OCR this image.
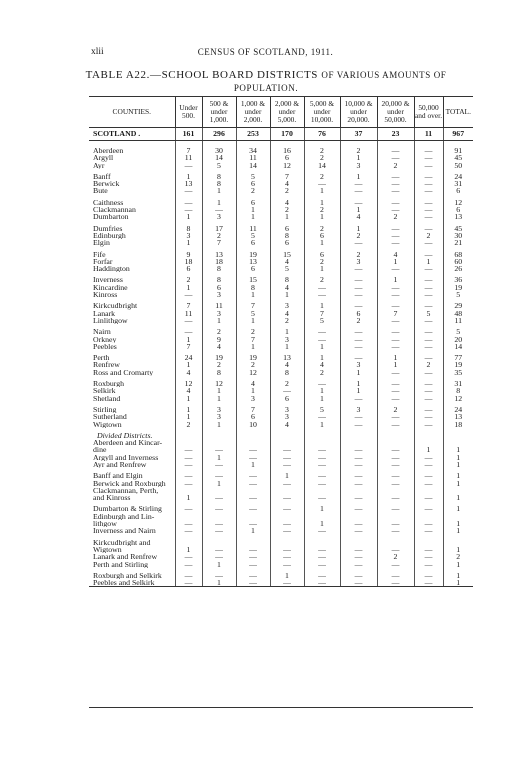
xlii	CENSUS OF SCOTLAND, 1911.
TABLE A22.—SCHOOL BOARD DISTRICTS OF VARIOUS AMOUNTS OF
POPULATION.
COUNTIES.	Under 500.	500 & under 1,000.	1,000 & under 2,000.	2,000 & under 5,000.	5,000 & under 10,000.	10,000 & under 20,000.	20,000 & under 50,000.	50,000 and over.	TOTAL.
SCOTLAND .	161	296	253	170	76	37	23	11	967

Aberdeen	7	30	34	16	2	2	—	—	91
Argyll	11	14	11	6	2	1	—	—	45
Ayr	—	5	14	12	14	3	2	—	50

Banff	1	8	5	7	2	1	—	—	24
Berwick	13	8	6	4	—	—	—	—	31
Bute	—	1	2	2	1	—	—	—	6

Caithness	—	1	6	4	1	—	—	—	12
Clackmannan	—	—	1	2	2	1	—	—	6
Dumbarton	1	3	1	1	1	4	2	—	13

Dumfries	8	17	11	6	2	1	—	—	45
Edinburgh	3	2	5	8	6	2	—	2	30
Elgin	1	7	6	6	1	—	—	—	21

Fife	9	13	19	15	6	2	4	—	68
Forfar	18	18	13	4	2	3	1	1	60
Haddington	6	8	6	5	1	—	—	—	26

Inverness	2	8	15	8	2	—	1	—	36
Kincardine	1	6	8	4	—	—	—	—	19
Kinross	—	3	1	1	—	—	—	—	5

Kirkcudbright	7	11	7	3	1	—	—	—	29
Lanark	11	3	5	4	7	6	7	5	48
Linlithgow	—	1	1	2	5	2	—	—	11

Nairn	—	2	2	1	—	—	—	—	5
Orkney	1	9	7	3	—	—	—	—	20
Peebles	7	4	1	1	1	—	—	—	14

Perth	24	19	19	13	1	—	1	—	77
Renfrew	1	2	2	4	4	3	1	2	19
Ross and Cromarty	4	8	12	8	2	1	—	—	35

Roxburgh	12	12	4	2	—	1	—	—	31
Selkirk	4	1	1	—	1	1	—	—	8
Shetland	1	1	3	6	1	—	—	—	12

Stirling	1	3	7	3	5	3	2	—	24
Sutherland	1	3	6	3	—	—	—	—	13
Wigtown	2	1	10	4	1	—	—	—	18

Divided Districts.									
Aberdeen and Kincar-									
dine	—	—	—	—	—	—	—	1	1
Argyll and Inverness	—	1	—	—	—	—	—	—	1
Ayr and Renfrew	—	—	1	—	—	—	—	—	1

Banff and Elgin	—	—	—	1	—	—	—	—	1
Berwick and Roxburgh	—	1	—	—	—	—	—	—	1
Clackmannan, Perth,									
and Kinross	1	—	—	—	—	—	—	—	1

Dumbarton & Stirling	—	—	—	—	1	—	—	—	1
Edinburgh and Lin-									
lithgow	—	—	—	—	1	—	—	—	1
Inverness and Nairn	—	—	1	—	—	—	—	—	1

Kirkcudbright and									
Wigtown	1	—	—	—	—	—	—	—	1
Lanark and Renfrew	—	—	—	—	—	—	2	—	2
Perth and Stirling	—	1	—	—	—	—	—	—	1

Roxburgh and Selkirk	—	—	—	1	—	—	—	—	1
Peebles and Selkirk	—	1	—	—	—	—	—	—	1
